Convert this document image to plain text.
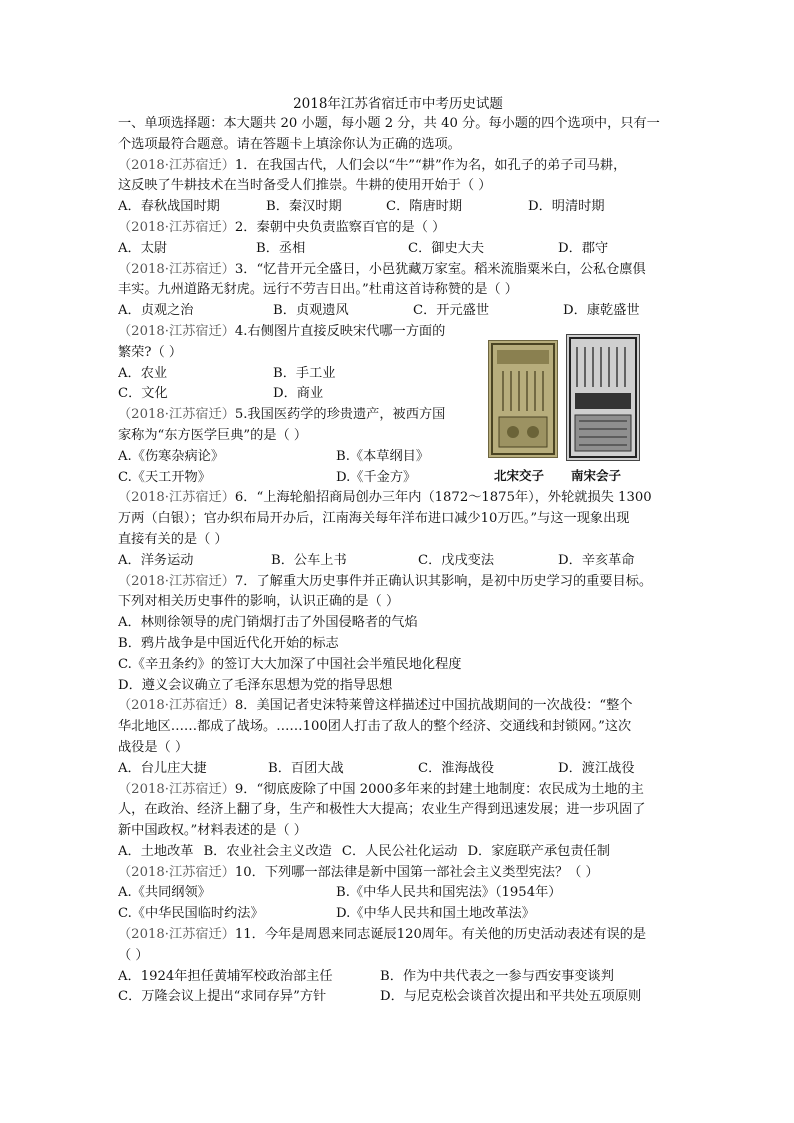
2018年江苏省宿迁市中考历史试题
一、单项选择题：本大题共 20 小题，每小题 2 分，共 40 分。每小题的四个选项中，只有一
个选项最符合题意。请在答题卡上填涂你认为正确的选项。
（2018·江苏宿迁）1．在我国古代，人们会以“牛”“耕”作为名，如孔子的弟子司马耕，
这反映了牛耕技术在当时备受人们推崇。牛耕的使用开始于（ ）
A．春秋战国时期	B．秦汉时期	C．隋唐时期	D．明清时期
（2018·江苏宿迁）2．秦朝中央负责监察百官的是（ ）
A．太尉	B．丞相	C．御史大夫	D．郡守
（2018·江苏宿迁）3．“忆昔开元全盛日，小邑犹藏万家室。稻米流脂粟米白，公私仓廪俱
丰实。九州道路无豺虎。远行不劳吉日出。”杜甫这首诗称赞的是（ ）
A．贞观之治	B．贞观遗风	C．开元盛世	D．康乾盛世
（2018·江苏宿迁）4.右侧图片直接反映宋代哪一方面的
繁荣?（ ）
A．农业	B．手工业
C．文化	D．商业
（2018·江苏宿迁）5.我国医药学的珍贵遗产，被西方国
家称为“东方医学巨典”的是（ ）
A.《伤寒杂病论》	B.《本草纲目》
C.《天工开物》	D.《千金方》
（2018·江苏宿迁）6．“上海轮船招商局创办三年内（1872～1875年），外轮就损失 1300
万两（白银）；官办织布局开办后，江南海关每年洋布进口减少10万匹。”与这一现象出现
直接有关的是（ ）
A．洋务运动	B．公车上书	C．戊戌变法	D．辛亥革命
（2018·江苏宿迁）7．了解重大历史事件并正确认识其影响，是初中历史学习的重要目标。
下列对相关历史事件的影响，认识正确的是（ ）
A．林则徐领导的虎门销烟打击了外国侵略者的气焰
B．鸦片战争是中国近代化开始的标志
C.《辛丑条约》的签订大大加深了中国社会半殖民地化程度
D．遵义会议确立了毛泽东思想为党的指导思想
（2018·江苏宿迁）8．美国记者史沫特莱曾这样描述过中国抗战期间的一次战役：“整个
华北地区……都成了战场。……100团人打击了敌人的整个经济、交通线和封锁网。”这次
战役是（ ）
A．台儿庄大捷	B．百团大战	C．淮海战役	D．渡江战役
（2018·江苏宿迁）9．“彻底废除了中国 2000多年来的封建土地制度：农民成为土地的主
人，在政治、经济上翻了身，生产和极性大大提高；农业生产得到迅速发展；进一步巩固了
新中国政权。”材料表述的是（ ）
A．土地改革 B．农业社会主义改造 C．人民公社化运动 D．家庭联产承包责任制
（2018·江苏宿迁）10．下列哪一部法律是新中国第一部社会主义类型宪法？（ ）
A.《共同纲领》	B.《中华人民共和国宪法》（1954年）
C.《中华民国临时约法》	D.《中华人民共和国土地改革法》
（2018·江苏宿迁）11．今年是周恩来同志诞辰120周年。有关他的历史活动表述有误的是
（ ）
A．1924年担任黄埔军校政治部主任	B．作为中共代表之一参与西安事变谈判
C．万隆会议上提出“求同存异”方针	D．与尼克松会谈首次提出和平共处五项原则
北宋交子 南宋会子
